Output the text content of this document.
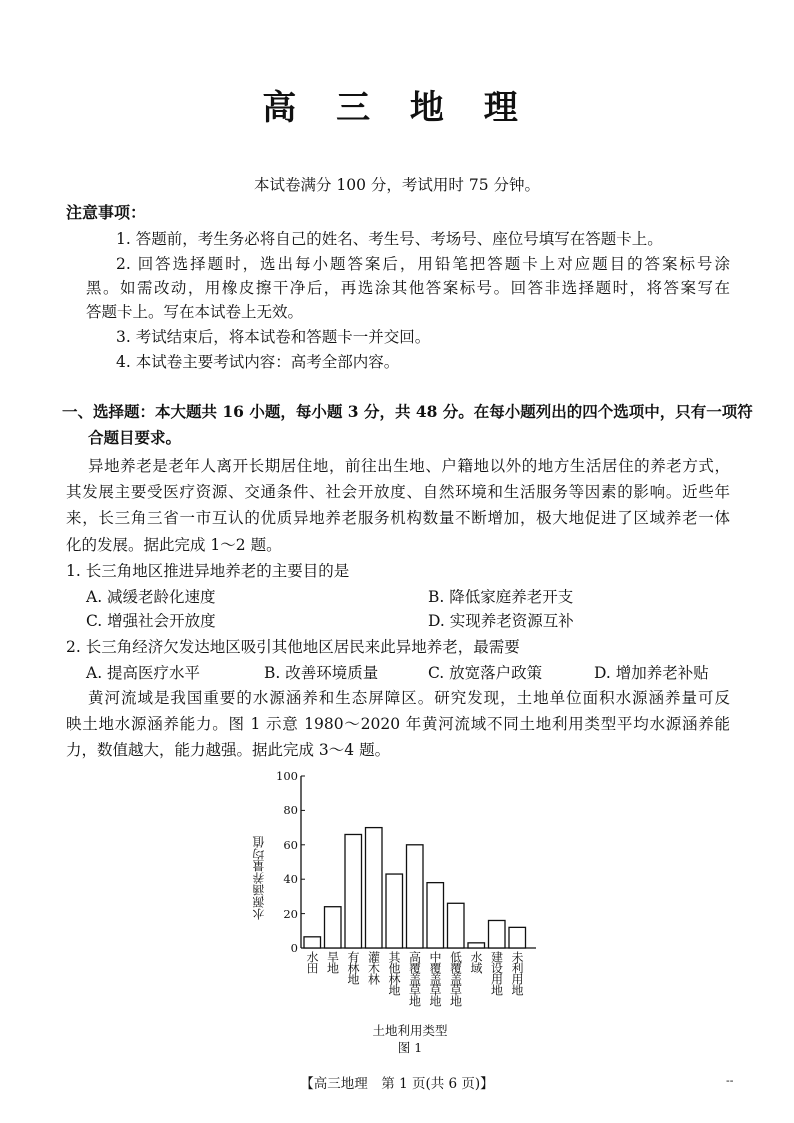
高 三 地 理
本试卷满分 100 分，考试用时 75 分钟。
注意事项：
1. 答题前，考生务必将自己的姓名、考生号、考场号、座位号填写在答题卡上。
2. 回答选择题时，选出每小题答案后，用铅笔把答题卡上对应题目的答案标号涂
黑。如需改动，用橡皮擦干净后，再选涂其他答案标号。回答非选择题时，将答案写在
答题卡上。写在本试卷上无效。
3. 考试结束后，将本试卷和答题卡一并交回。
4. 本试卷主要考试内容：高考全部内容。
一、选择题：本大题共 16 小题，每小题 3 分，共 48 分。在每小题列出的四个选项中，只有一项符
合题目要求。
异地养老是老年人离开长期居住地，前往出生地、户籍地以外的地方生活居住的养老方式，
其发展主要受医疗资源、交通条件、社会开放度、自然环境和生活服务等因素的影响。近些年
来，长三角三省一市互认的优质异地养老服务机构数量不断增加，极大地促进了区域养老一体
化的发展。据此完成 1～2 题。
1. 长三角地区推进异地养老的主要目的是
A. 减缓老龄化速度	B. 降低家庭养老开支
C. 增强社会开放度	D. 实现养老资源互补
2. 长三角经济欠发达地区吸引其他地区居民来此异地养老，最需要
A. 提高医疗水平	B. 改善环境质量	C. 放宽落户政策	D. 增加养老补贴
黄河流域是我国重要的水源涵养和生态屏障区。研究发现，土地单位面积水源涵养量可反
映土地水源涵养能力。图 1 示意 1980～2020 年黄河流域不同土地利用类型平均水源涵养能
力，数值越大，能力越强。据此完成 3～4 题。
水源涵养量均值
土地利用类型
图 1
0
20
40
60
80
100
水田 旱地 有林地 灌木林 其他林地 高覆盖草地 中覆盖草地 低覆盖草地 水域 建设用地 未利用地
【高三地理　第 1 页(共 6 页)】	--
